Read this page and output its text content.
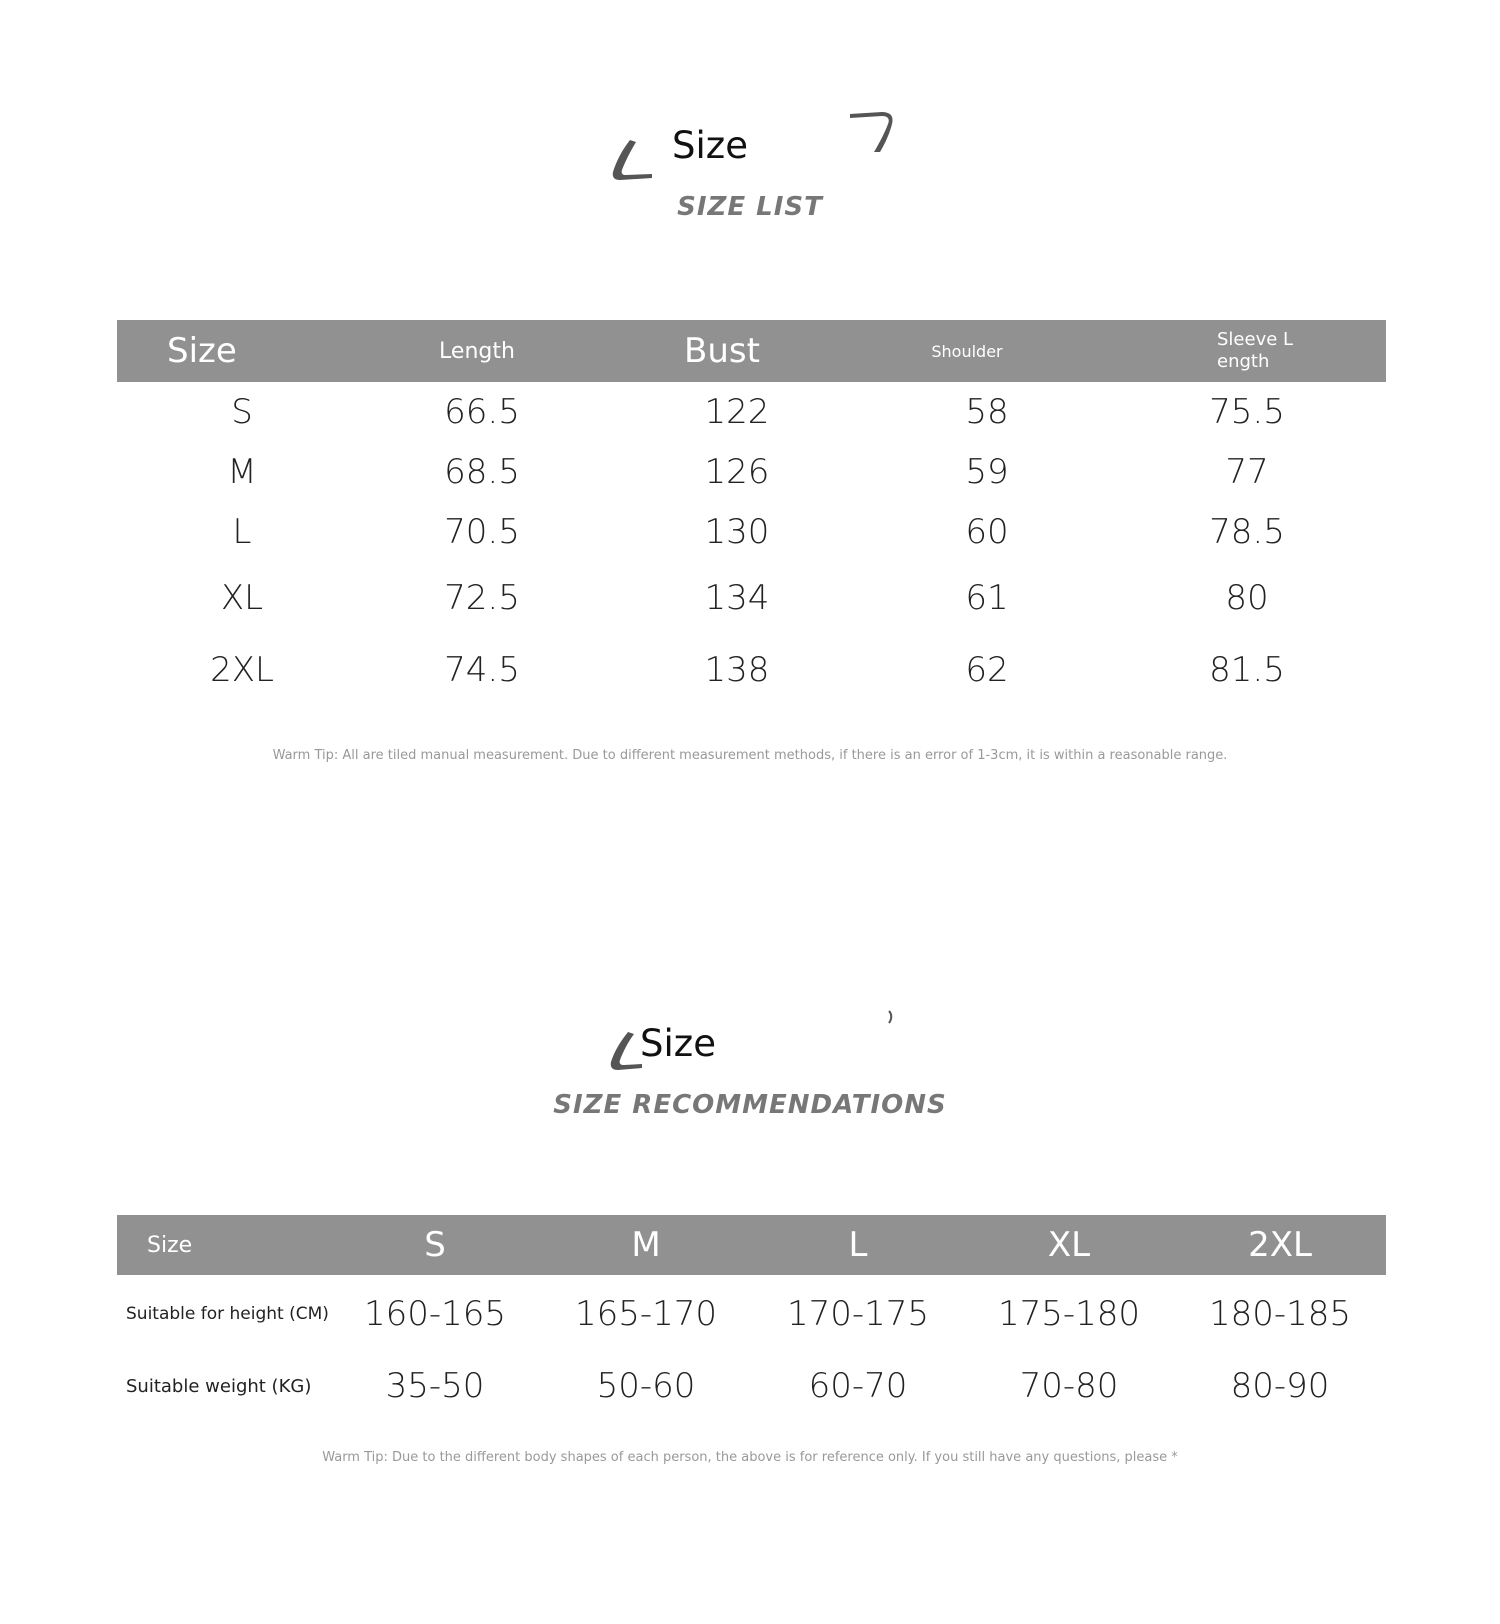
Size
SIZE LIST
Size	Length	Bust	Shoulder
Sleeve L
ength
S	66.5	122	58	75.5
M	68.5	126	59	77
L	70.5	130	60	78.5
XL	72.5	134	61	80
2XL	74.5	138	62	81.5
Warm Tip: All are tiled manual measurement. Due to different measurement methods, if there is an error of 1-3cm, it is within a reasonable range.
Size
SIZE RECOMMENDATIONS
Size	S	M	L	XL	2XL
Suitable for height (CM) 160-165 165-170 170-175 175-180 180-185
Suitable weight (KG)	35-50	50-60	60-70	70-80	80-90
Warm Tip: Due to the different body shapes of each person, the above is for reference only. If you still have any questions, please *
